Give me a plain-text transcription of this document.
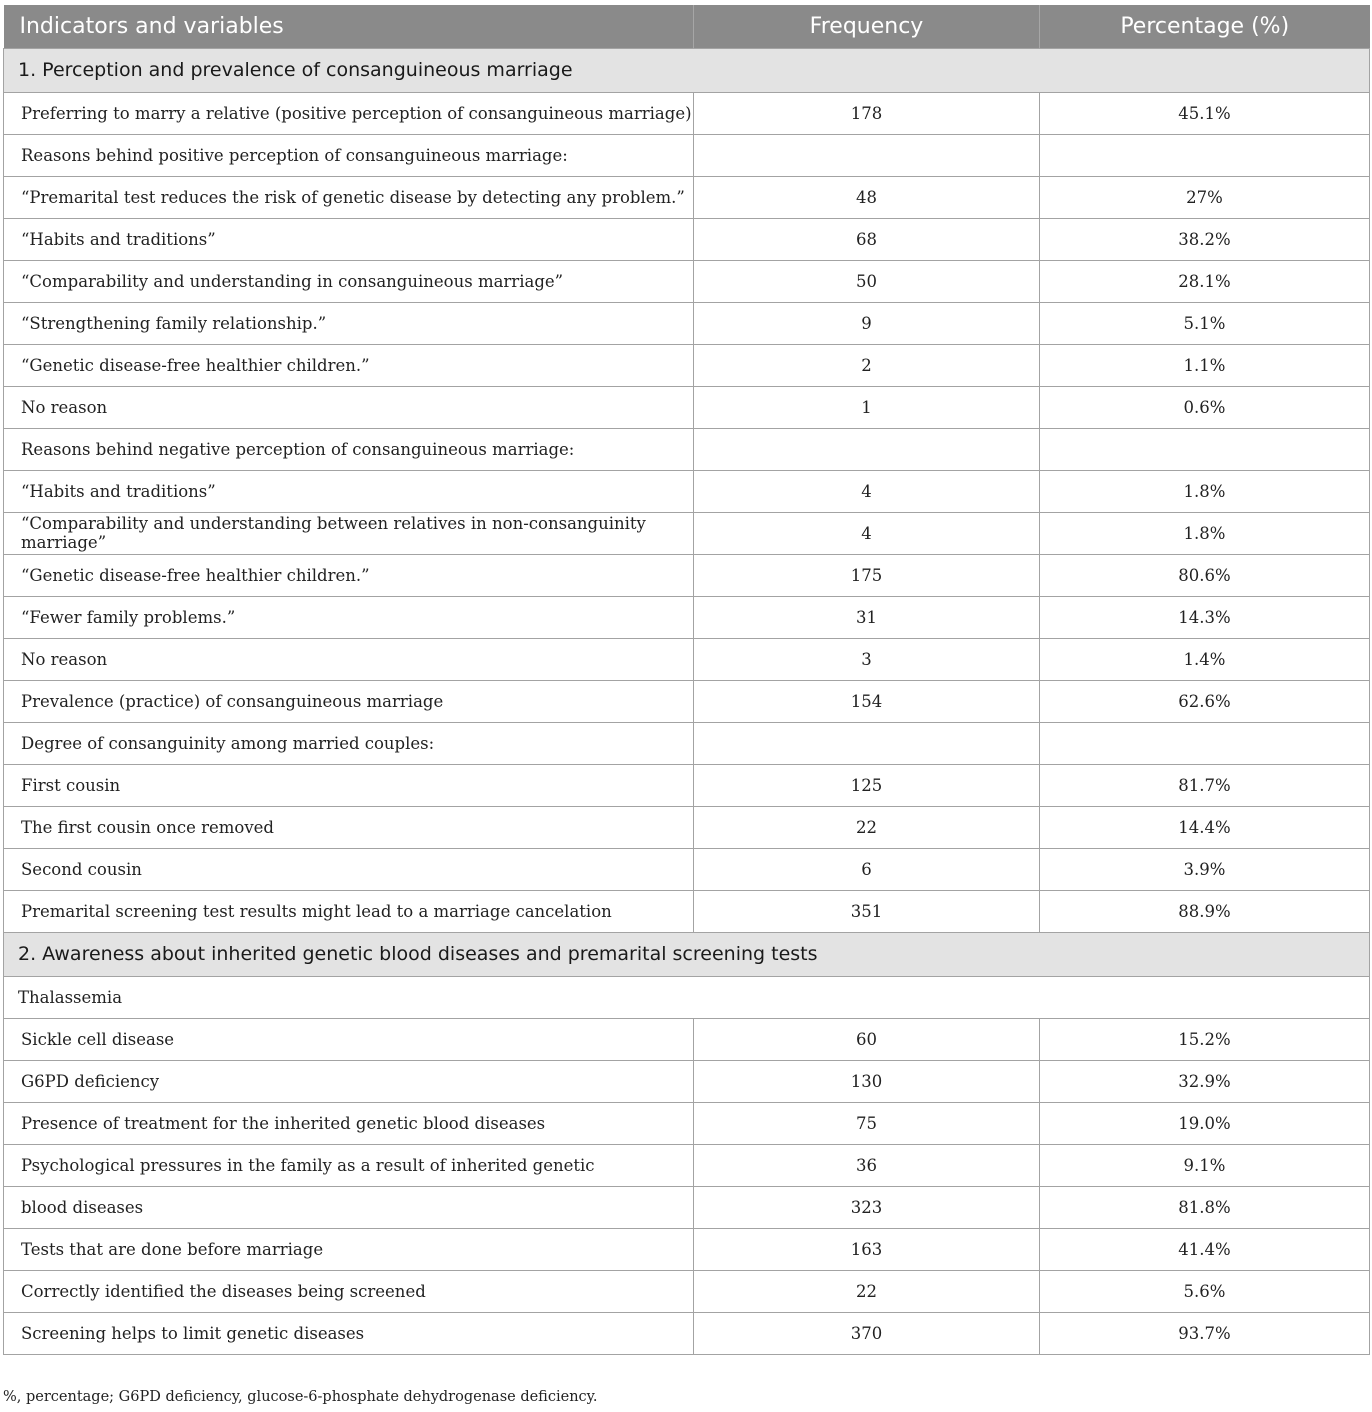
Indicators and variables	Frequency	Percentage (%)
1. Perception and prevalence of consanguineous marriage		
Preferring to marry a relative (positive perception of consanguineous marriage)	178	45.1%
Reasons behind positive perception of consanguineous marriage:		
“Premarital test reduces the risk of genetic disease by detecting any problem.”	48	27%
“Habits and traditions”	68	38.2%
“Comparability and understanding in consanguineous marriage”	50	28.1%
“Strengthening family relationship.”	9	5.1%
“Genetic disease-free healthier children.”	2	1.1%
No reason	1	0.6%
Reasons behind negative perception of consanguineous marriage:		
“Habits and traditions”	4	1.8%
“Comparability and understanding between relatives in non-consanguinity marriage”	4	1.8%
“Genetic disease-free healthier children.”	175	80.6%
“Fewer family problems.”	31	14.3%
No reason	3	1.4%
Prevalence (practice) of consanguineous marriage	154	62.6%
Degree of consanguinity among married couples:		
First cousin	125	81.7%
The first cousin once removed	22	14.4%
Second cousin	6	3.9%
Premarital screening test results might lead to a marriage cancelation	351	88.9%
2. Awareness about inherited genetic blood diseases and premarital screening tests		
Thalassemia		
Sickle cell disease	60	15.2%
G6PD deficiency	130	32.9%
Presence of treatment for the inherited genetic blood diseases	75	19.0%
Psychological pressures in the family as a result of inherited genetic	36	9.1%
blood diseases	323	81.8%
Tests that are done before marriage	163	41.4%
Correctly identified the diseases being screened	22	5.6%
Screening helps to limit genetic diseases	370	93.7%
%, percentage; G6PD deficiency, glucose-6-phosphate dehydrogenase deficiency.
